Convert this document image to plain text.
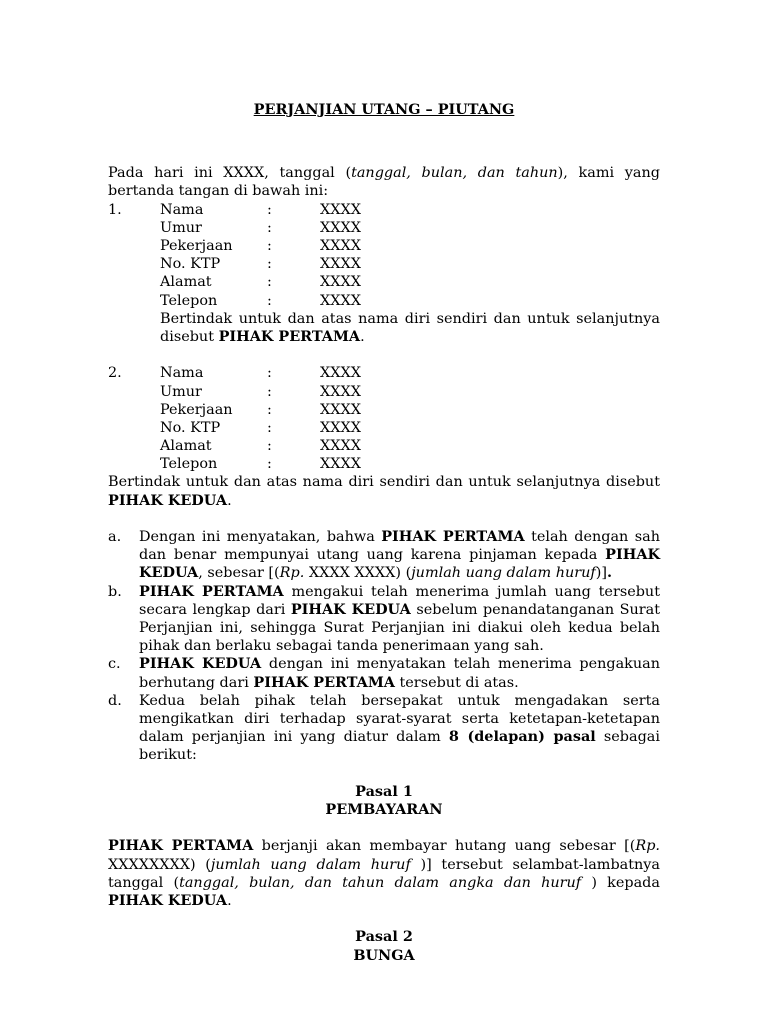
PERJANJIAN UTANG – PIUTANG

Pada hari ini XXXX, tanggal (tanggal, bulan, dan tahun), kami yang bertanda tangan di bawah ini:

1.	Nama	:	XXXX
Umur	:	XXXX
Pekerjaan :	XXXX
No. KTP	:	XXXX
Alamat	:	XXXX
Telepon	:	XXXX

Bertindak untuk dan atas nama diri sendiri dan untuk selanjutnya disebut PIHAK PERTAMA.

2.	Nama	:	XXXX
Umur	:	XXXX
Pekerjaan :	XXXX
No. KTP	:	XXXX
Alamat	:	XXXX
Telepon	:	XXXX

Bertindak untuk dan atas nama diri sendiri dan untuk selanjutnya disebut PIHAK KEDUA.

a. Dengan ini menyatakan, bahwa PIHAK PERTAMA telah dengan sah dan benar mempunyai utang uang karena pinjaman kepada PIHAK KEDUA, sebesar [(Rp. XXXX XXXX) (jumlah uang dalam huruf)].

b. PIHAK PERTAMA mengakui telah menerima jumlah uang tersebut secara lengkap dari PIHAK KEDUA sebelum penandatanganan Surat Perjanjian ini, sehingga Surat Perjanjian ini diakui oleh kedua belah pihak dan berlaku sebagai tanda penerimaan yang sah.

c. PIHAK KEDUA dengan ini menyatakan telah menerima pengakuan berhutang dari PIHAK PERTAMA tersebut di atas.

d. Kedua belah pihak telah bersepakat untuk mengadakan serta mengikatkan diri terhadap syarat-syarat serta ketetapan-ketetapan dalam perjanjian ini yang diatur dalam 8 (delapan) pasal sebagai berikut:

Pasal 1

PEMBAYARAN

PIHAK PERTAMA berjanji akan membayar hutang uang sebesar [(Rp. XXXXXXXX) (jumlah uang dalam huruf )] tersebut selambat-lambatnya tanggal (tanggal, bulan, dan tahun dalam angka dan huruf ) kepada PIHAK KEDUA.

Pasal 2

BUNGA
